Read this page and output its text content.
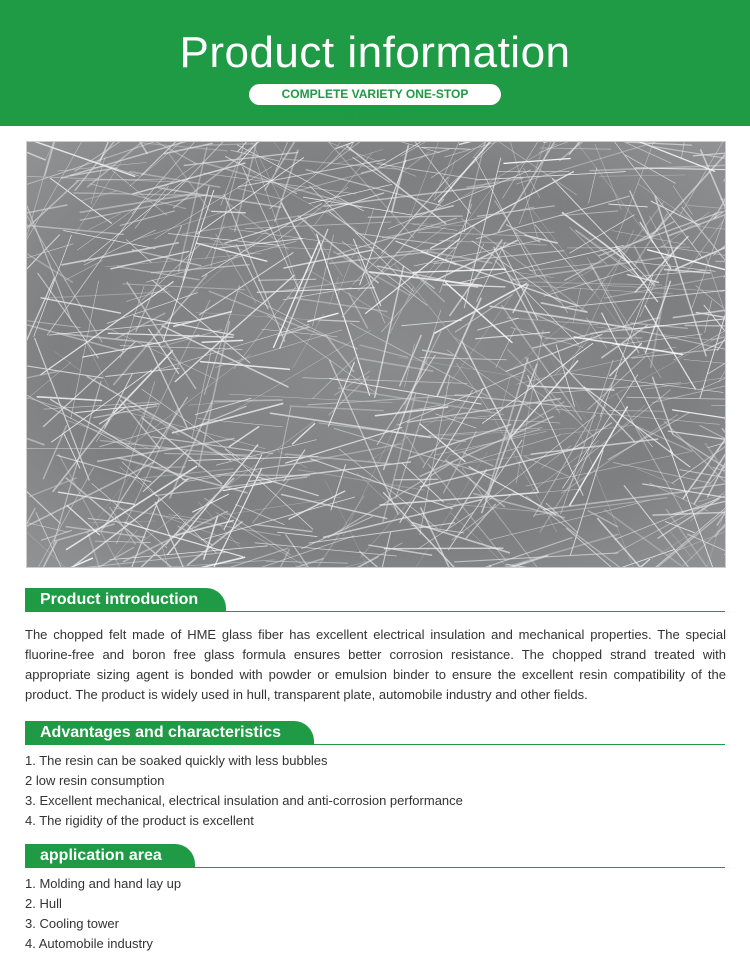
Product information
COMPLETE VARIETY ONE-STOP SHOPPING
Product introduction

The chopped felt made of HME glass fiber has excellent electrical insulation and mechanical properties. The special fluorine-free and boron free glass formula ensures better corrosion resistance. The chopped strand treated with appropriate sizing agent is bonded with powder or emulsion binder to ensure the excellent resin compatibility of the product. The product is widely used in hull, transparent plate, automobile industry and other fields.

Advantages and characteristics
1. The resin can be soaked quickly with less bubbles
2 low resin consumption
3. Excellent mechanical, electrical insulation and anti-corrosion performance
4. The rigidity of the product is excellent
application area
1. Molding and hand lay up
2. Hull
3. Cooling tower
4. Automobile industry
